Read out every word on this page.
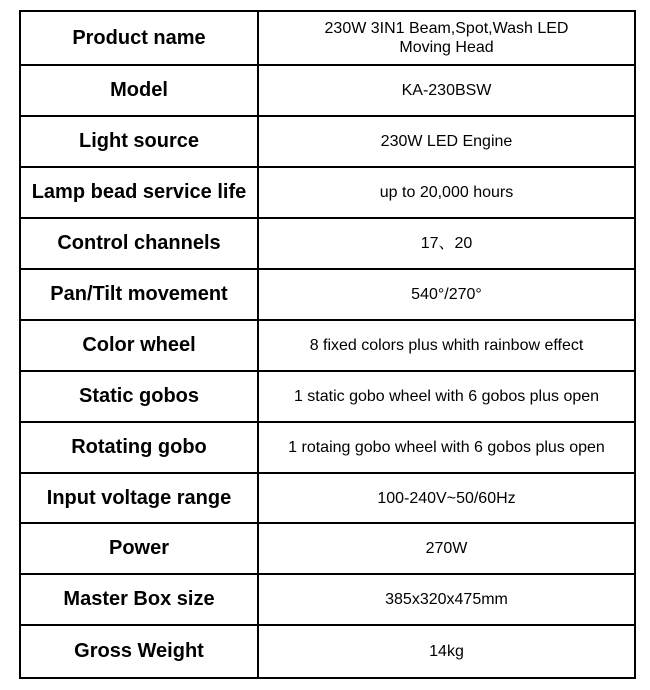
Product name	230W 3IN1 Beam,Spot,Wash LED
Moving Head

Model	KA-230BSW
Light source	230W LED Engine
Lamp bead service life	up to 20,000 hours
Control channels	17、20
Pan/Tilt movement	540°/270°
Color wheel	8 fixed colors plus whith rainbow effect
Static gobos	1 static gobo wheel with 6 gobos plus open
Rotating gobo	1 rotaing gobo wheel with 6 gobos plus open
Input voltage range	100-240V~50/60Hz
Power	270W
Master Box size	385x320x475mm
Gross Weight	14kg
